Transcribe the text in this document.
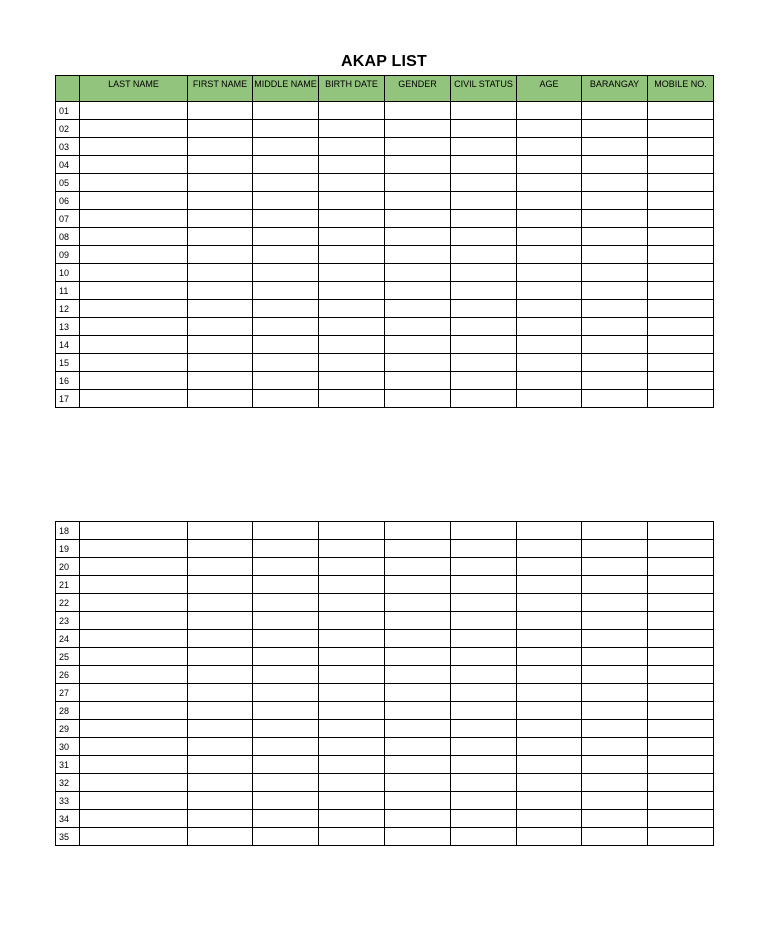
AKAP LIST
	LAST NAME	FIRST NAME	MIDDLE NAME	BIRTH DATE	GENDER	CIVIL STATUS	AGE	BARANGAY	MOBILE NO.
01									
02									
03									
04									
05									
06									
07									
08									
09									
10									
11									
12									
13									
14									
15									
16									
17									
18									
19									
20									
21									
22									
23									
24									
25									
26									
27									
28									
29									
30									
31									
32									
33									
34									
35									
